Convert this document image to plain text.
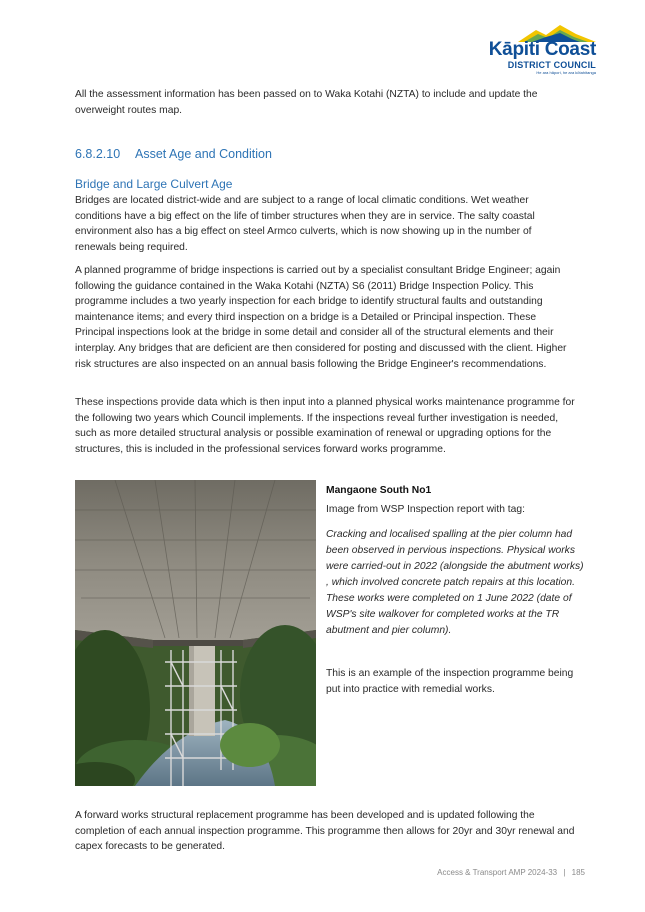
Kāpiti Coast
DISTRICT COUNCIL
He ara hāpori, he ara kōtahitanga
All the assessment information has been passed on to Waka Kotahi (NZTA) to include and update the overweight routes map.
6.8.2.10 Asset Age and Condition
Bridge and Large Culvert Age
Bridges are located district-wide and are subject to a range of local climatic conditions. Wet weather conditions have a big effect on the life of timber structures when they are in service. The salty coastal environment also has a big effect on steel Armco culverts, which is now showing up in the number of renewals being required.
A planned programme of bridge inspections is carried out by a specialist consultant Bridge Engineer; again following the guidance contained in the Waka Kotahi (NZTA) S6 (2011) Bridge Inspection Policy. This programme includes a two yearly inspection for each bridge to identify structural faults and outstanding maintenance items; and every third inspection on a bridge is a Detailed or Principal inspection. These Principal inspections look at the bridge in some detail and consider all of the structural elements and their interplay. Any bridges that are deficient are then considered for posting and discussed with the client. Higher risk structures are also inspected on an annual basis following the Bridge Engineer's recommendations.
These inspections provide data which is then input into a planned physical works maintenance programme for the following two years which Council implements. If the inspections reveal further investigation is needed, such as more detailed structural analysis or possible examination of renewal or upgrading options for the structures, this is included in the professional services forward works programme.
Mangaone South No1
Image from WSP Inspection report with tag:
Cracking and localised spalling at the pier column had been observed in pervious inspections. Physical works were carried-out in 2022 (alongside the abutment works) , which involved concrete patch repairs at this location. These works were completed on 1 June 2022 (date of WSP's site walkover for completed works at the TR abutment and pier column).
This is an example of the inspection programme being put into practice with remedial works.
A forward works structural replacement programme has been developed and is updated following the completion of each annual inspection programme. This programme then allows for 20yr and 30yr renewal and capex forecasts to be generated.
Access & Transport AMP 2024-33 | 185
